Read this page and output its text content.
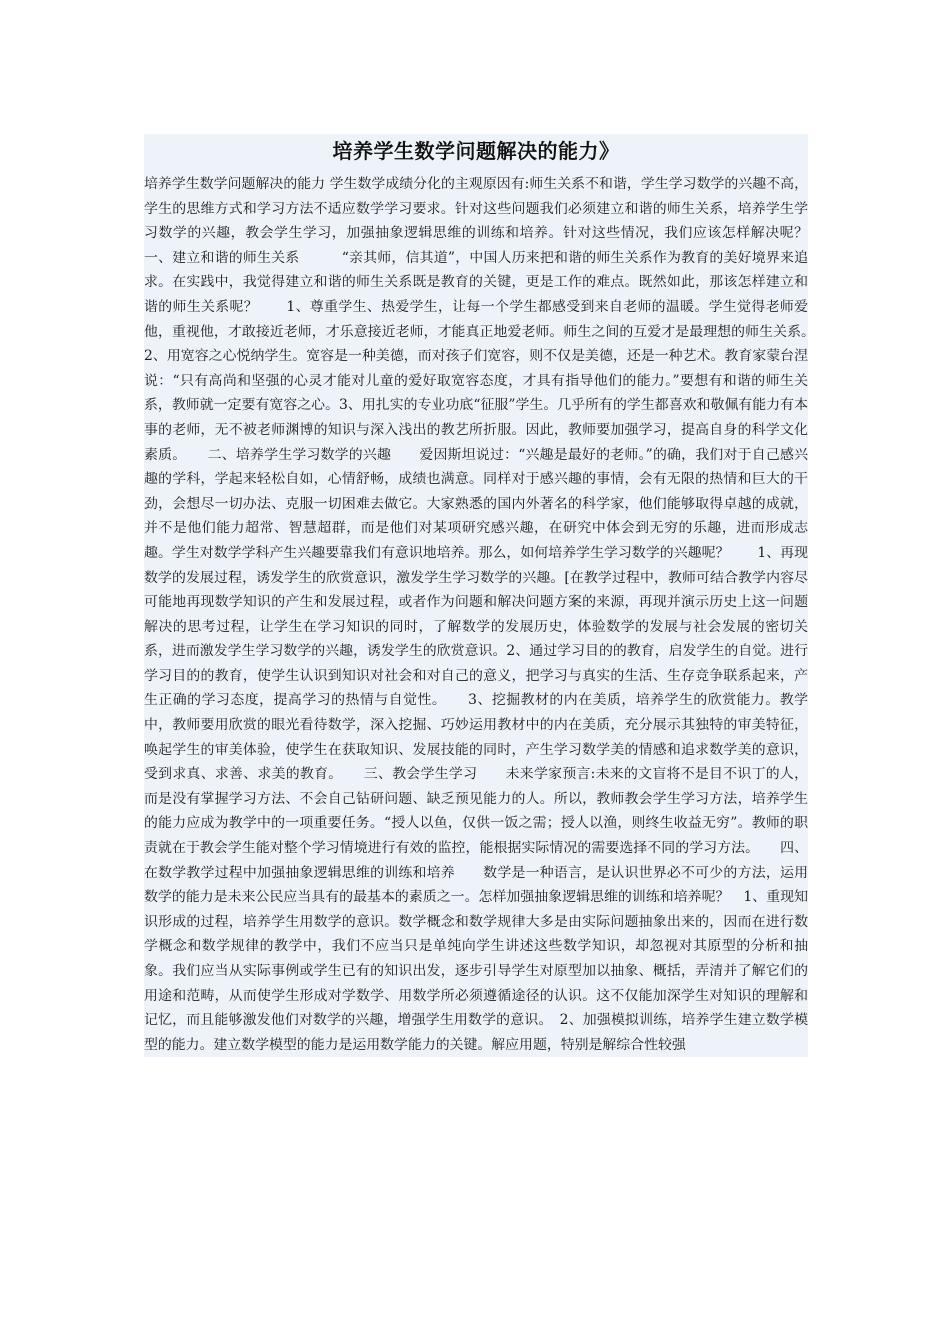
培养学生数学问题解决的能力》

培养学生数学问题解决的能力 学生数学成绩分化的主观原因有:师生关系不和谐，学生学习数学的兴趣不高，学生的思维方式和学习方法不适应数学学习要求。针对这些问题我们必须建立和谐的师生关系，培养学生学习数学的兴趣，教会学生学习，加强抽象逻辑思维的训练和培养。针对这些情况，我们应该怎样解决呢？　　　一、建立和谐的师生关系　　　“亲其师，信其道”，中国人历来把和谐的师生关系作为教育的美好境界来追求。在实践中，我觉得建立和谐的师生关系既是教育的关键，更是工作的难点。既然如此，那该怎样建立和谐的师生关系呢？　　1、尊重学生、热爱学生，让每一个学生都感受到来自老师的温暖。学生觉得老师爱他，重视他，才敢接近老师，才乐意接近老师，才能真正地爱老师。师生之间的互爱才是最理想的师生关系。　　2、用宽容之心悦纳学生。宽容是一种美德，而对孩子们宽容，则不仅是美德，还是一种艺术。教育家蒙台涅说：“只有高尚和坚强的心灵才能对儿童的爱好取宽容态度，才具有指导他们的能力。”要想有和谐的师生关系，教师就一定要有宽容之心。3、用扎实的专业功底“征服”学生。几乎所有的学生都喜欢和敬佩有能力有本事的老师，无不被老师渊博的知识与深入浅出的教艺所折服。因此，教师要加强学习，提高自身的科学文化素质。　　二、培养学生学习数学的兴趣　　爱因斯坦说过：“兴趣是最好的老师。”的确，我们对于自己感兴趣的学科，学起来轻松自如，心情舒畅，成绩也满意。同样对于感兴趣的事情，会有无限的热情和巨大的干劲，会想尽一切办法、克服一切困难去做它。大家熟悉的国内外著名的科学家，他们能够取得卓越的成就，并不是他们能力超常、智慧超群，而是他们对某项研究感兴趣，在研究中体会到无穷的乐趣，进而形成志趣。学生对数学学科产生兴趣要靠我们有意识地培养。那么，如何培养学生学习数学的兴趣呢？　　1、再现数学的发展过程，诱发学生的欣赏意识，激发学生学习数学的兴趣。[在教学过程中，教师可结合教学内容尽可能地再现数学知识的产生和发展过程，或者作为问题和解决问题方案的来源，再现并演示历史上这一问题解决的思考过程，让学生在学习知识的同时，了解数学的发展历史，体验数学的发展与社会发展的密切关系，进而激发学生学习数学的兴趣，诱发学生的欣赏意识。2、通过学习目的的教育，启发学生的自觉。进行学习目的的教育，使学生认识到知识对社会和对自己的意义，把学习与真实的生活、生存竞争联系起来，产生正确的学习态度，提高学习的热情与自觉性。　　3、挖掘教材的内在美质，培养学生的欣赏能力。教学中，教师要用欣赏的眼光看待数学，深入挖掘、巧妙运用教材中的内在美质，充分展示其独特的审美特征，唤起学生的审美体验，使学生在获取知识、发展技能的同时，产生学习数学美的情感和追求数学美的意识，受到求真、求善、求美的教育。　　三、教会学生学习　　未来学家预言:未来的文盲将不是目不识丁的人，而是没有掌握学习方法、不会自己钻研问题、缺乏预见能力的人。所以，教师教会学生学习方法，培养学生的能力应成为教学中的一项重要任务。“授人以鱼，仅供一饭之需；授人以渔，则终生收益无穷”。教师的职责就在于教会学生能对整个学习情境进行有效的监控，能根据实际情况的需要选择不同的学习方法。　　四、在数学教学过程中加强抽象逻辑思维的训练和培养　　数学是一种语言，是认识世界必不可少的方法，运用数学的能力是未来公民应当具有的最基本的素质之一。怎样加强抽象逻辑思维的训练和培养呢？　1、重现知识形成的过程，培养学生用数学的意识。数学概念和数学规律大多是由实际问题抽象出来的，因而在进行数学概念和数学规律的教学中，我们不应当只是单纯向学生讲述这些数学知识，却忽视对其原型的分析和抽象。我们应当从实际事例或学生已有的知识出发，逐步引导学生对原型加以抽象、概括，弄清并了解它们的用途和范畴，从而使学生形成对学数学、用数学所必须遵循途径的认识。这不仅能加深学生对知识的理解和记忆，而且能够激发他们对数学的兴趣，增强学生用数学的意识。　2、加强模拟训练，培养学生建立数学模型的能力。建立数学模型的能力是运用数学能力的关键。解应用题，特别是解综合性较强
